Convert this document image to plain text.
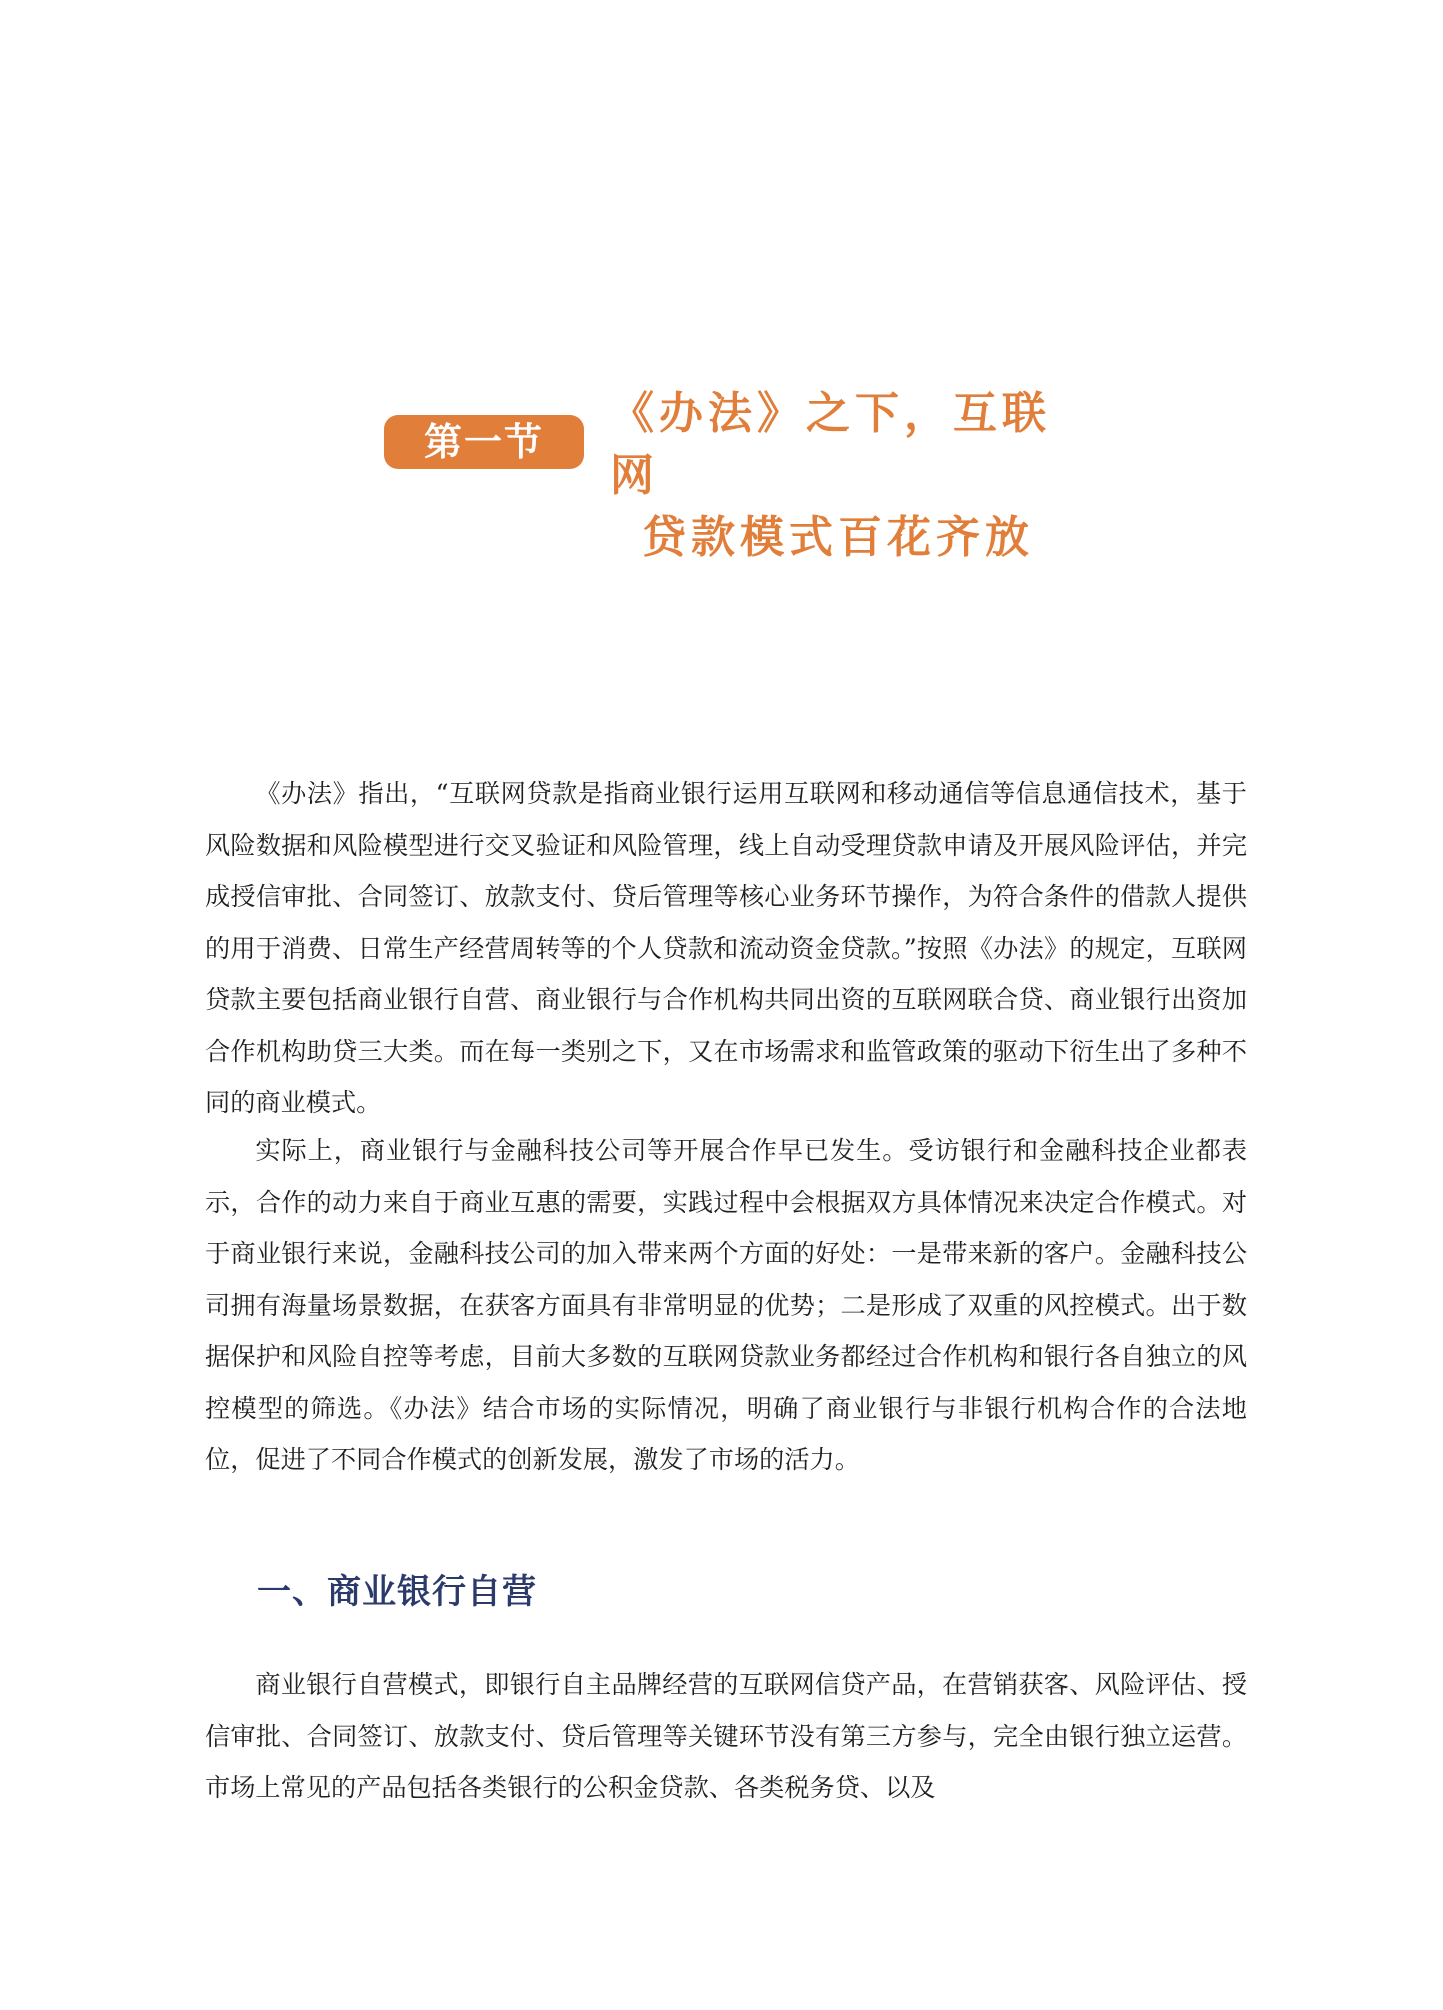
第一节
《办法》之下，互联网
贷款模式百花齐放

《办法》指出，“互联网贷款是指商业银行运用互联网和移动通信等信息通信技术，基于风险数据和风险模型进行交叉验证和风险管理，线上自动受理贷款申请及开展风险评估，并完成授信审批、合同签订、放款支付、贷后管理等核心业务环节操作，为符合条件的借款人提供的用于消费、日常生产经营周转等的个人贷款和流动资金贷款。”按照《办法》的规定，互联网贷款主要包括商业银行自营、商业银行与合作机构共同出资的互联网联合贷、商业银行出资加合作机构助贷三大类。而在每一类别之下，又在市场需求和监管政策的驱动下衍生出了多种不同的商业模式。

实际上，商业银行与金融科技公司等开展合作早已发生。受访银行和金融科技企业都表示，合作的动力来自于商业互惠的需要，实践过程中会根据双方具体情况来决定合作模式。对于商业银行来说，金融科技公司的加入带来两个方面的好处：一是带来新的客户。金融科技公司拥有海量场景数据，在获客方面具有非常明显的优势；二是形成了双重的风控模式。出于数据保护和风险自控等考虑，目前大多数的互联网贷款业务都经过合作机构和银行各自独立的风控模型的筛选。《办法》结合市场的实际情况，明确了商业银行与非银行机构合作的合法地位，促进了不同合作模式的创新发展，激发了市场的活力。

一、商业银行自营

商业银行自营模式，即银行自主品牌经营的互联网信贷产品，在营销获客、风险评估、授信审批、合同签订、放款支付、贷后管理等关键环节没有第三方参与，完全由银行独立运营。市场上常见的产品包括各类银行的公积金贷款、各类税务贷、以及
